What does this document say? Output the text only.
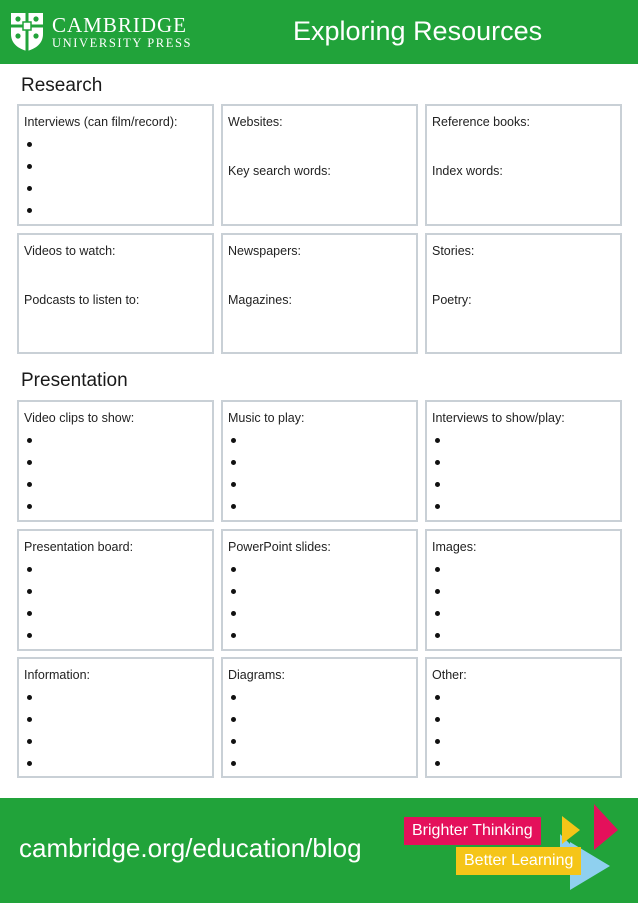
CAMBRIDGE
UNIVERSITY PRESS	Exploring Resources
Research
Interviews (can film/record):	Websites:
Key search words:
Reference books:
Index words:
Videos to watch:
Podcasts to listen to:
Newspapers:
Magazines:
Stories:
Poetry:
Presentation
Video clips to show:	Music to play:	Interviews to show/play:
Presentation board:	PowerPoint slides:	Images:
Information:	Diagrams:	Other:
cambridge.org/education/blog
Brighter Thinking
Better Learning
